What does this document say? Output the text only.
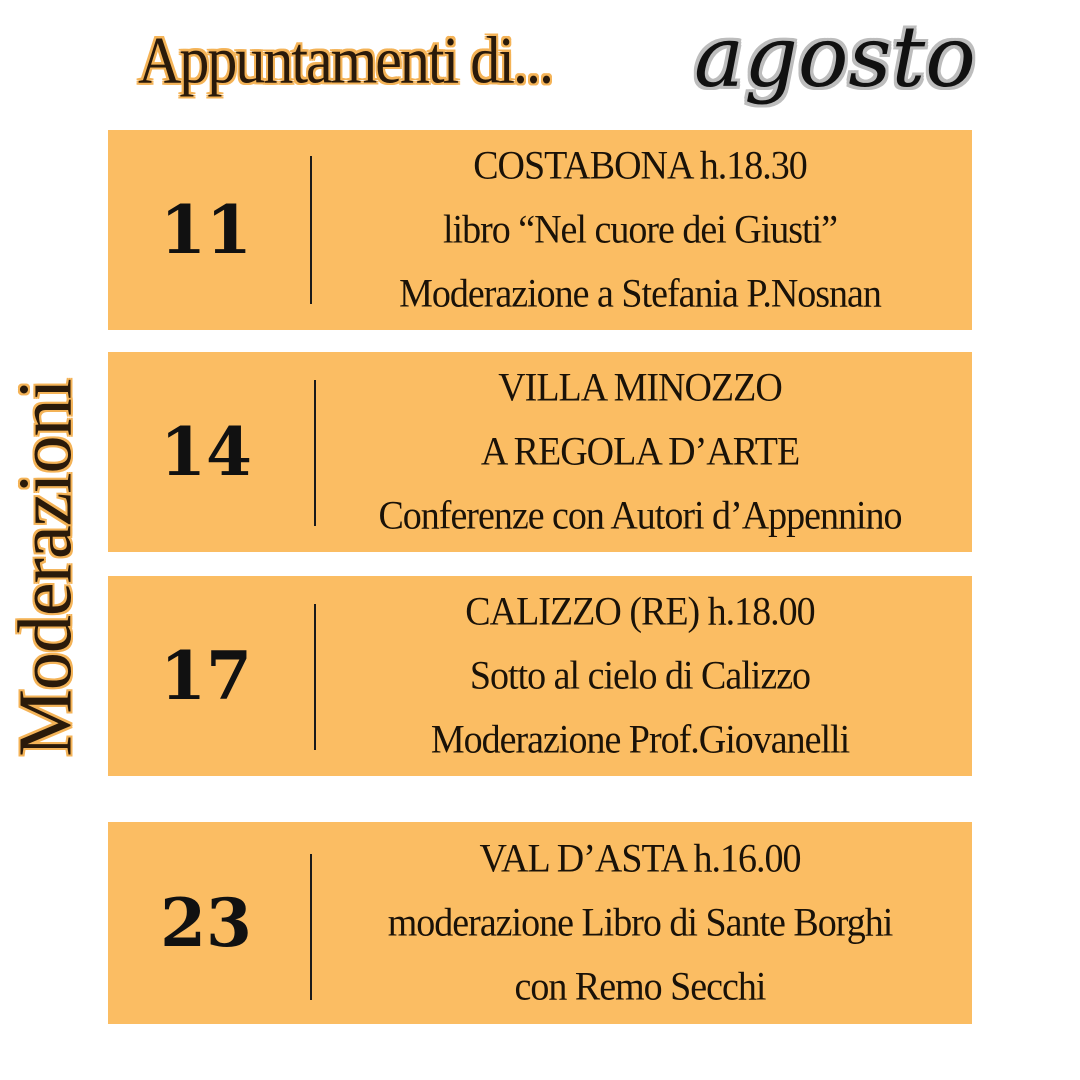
Appuntamenti di... agosto
Moderazioni
11
COSTABONA h.18.30
libro “Nel cuore dei Giusti”
Moderazione a Stefania P.Nosnan
14
VILLA MINOZZO
A REGOLA D’ARTE
Conferenze con Autori d’Appennino
17
CALIZZO (RE) h.18.00
Sotto al cielo di Calizzo
Moderazione Prof.Giovanelli
23
VAL D’ASTA h.16.00
moderazione Libro di Sante Borghi
con Remo Secchi
